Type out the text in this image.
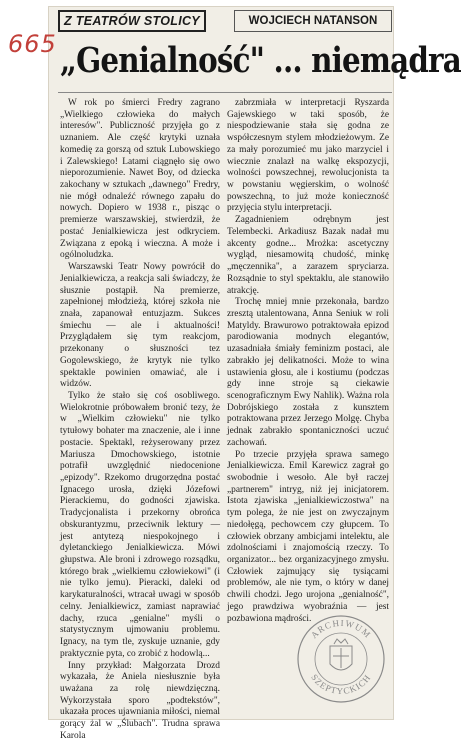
Z TEATRÓW STOLICY	WOJCIECH NATANSON
665 „Genialność" ... niemądra

W rok po śmierci Fredry zagrano „Wielkiego człowieka do małych interesów". Publiczność przyjęła go z uznaniem. Ale część krytyki uznała komedię za gorszą od sztuk Lubowskiego i Zalewskiego! Latami ciągnęło się owo nieporozumienie. Nawet Boy, od dziecka zakochany w sztukach „dawnego" Fredry, nie mógł odnaleźć równego zapału do nowych. Dopiero w 1938 r., pisząc o premierze warszawskiej, stwierdził, że postać Jenialkiewicza jest odkryciem. Związana z epoką i wieczna. A może i ogólnoludzka.

Warszawski Teatr Nowy powrócił do Jenialkiewicza, a reakcja sali świadczy, że słusznie postąpił. Na premierze, zapełnionej młodzieżą, której szkoła nie znała, zapanował entuzjazm. Sukces śmiechu — ale i aktualności! Przyglądałem się tym reakcjom, przekonany o słuszności tez Gogolewskiego, że krytyk nie tylko spektakle powinien omawiać, ale i widzów.

Tylko że stało się coś osobliwego. Wielokrotnie próbowałem bronić tezy, że w „Wielkim człowieku" nie tylko tytułowy bohater ma znaczenie, ale i inne postacie. Spektakl, reżyserowany przez Mariusza Dmochowskiego, istotnie potrafił uwzględnić niedocenione „epizody". Rzekomo drugorzędna postać Ignacego urosła, dzięki Józefowi Pierackiemu, do godności zjawiska. Tradycjonalista i przekorny obrońca obskurantyzmu, przeciwnik lektury — jest antytezą niespokojnego i dyletanckiego Jenialkiewicza. Mówi głupstwa. Ale broni i zdrowego rozsądku, którego brak „wielkiemu człowiekowi" (i nie tylko jemu). Pieracki, daleki od karykaturalności, wtracał uwagi w sposób celny. Jenialkiewicz, zamiast naprawiać dachy, rzuca „genialne" myśli o statystycznym ujmowaniu problemu. Ignacy, na tym tle, zyskuje uznanie, gdy praktycznie pyta, co zrobić z hodowlą...

Inny przykład: Małgorzata Drozd wykazała, że Aniela niesłusznie była uważana za rolę niewdzięczną. Wykorzystała sporo „podtekstów", ukazała proces ujawniania miłości, niemal gorący żal w „Ślubach". Trudna sprawa Karola

zabrzmiała w interpretacji Ryszarda Gajewskiego w taki sposób, że niespodziewanie stała się godna ze współczesnym stylem młodzieżowym. Ze za mały porozumieć mu jako marzyciel i wiecznie znalazł na walkę ekspozycji, wolności powszechnej, rewolucjonista ta w powstaniu węgierskim, o wolność powszechną, to już może konieczność przyjęcia stylu interpretacji.

Zagadnieniem odrębnym jest Telembecki. Arkadiusz Bazak nadał mu akcenty godne... Mrożka: ascetyczny wygląd, niesamowitą chudość, minkę „męczennika", a zarazem spryciarza. Rozsądnie to styl spektaklu, ale stanowiło atrakcję.

Trochę mniej mnie przekonała, bardzo zresztą utalentowana, Anna Seniuk w roli Matyldy. Brawurowo potraktowała epizod parodiowania modnych elegantów, uzasadniała śmiały feminizm postaci, ale zabrakło jej delikatności. Może to wina ustawienia głosu, ale i kostiumu (podczas gdy inne stroje są ciekawie scenograficznym Ewy Nahlik). Ważna rola Dobrójskiego została z kunsztem potraktowana przez Jerzego Molgę. Chyba jednak zabrakło spontaniczności uczuć zachowań.

Po trzecie przyjęła sprawa samego Jenialkiewicza. Emil Karewicz zagrał go swobodnie i wesoło. Ale był raczej „partnerem" intryg, niż jej inicjatorem. Istota zjawiska „jenialkiewiczostwa" na tym polega, że nie jest on zwyczajnym niedołęgą, pechowcem czy głupcem. To człowiek obrzany ambicjami intelektu, ale zdolnościami i znajomością rzeczy. To organizator... bez organizacyjnego zmysłu. Człowiek zajmujący się tysiącami problemów, ale nie tym, o który w danej chwili chodzi. Jego urojona „genialność", jego prawdziwa wyobraźnia — jest pozbawiona mądrości.

ARCHIWUM
SZEPTYCKICH
